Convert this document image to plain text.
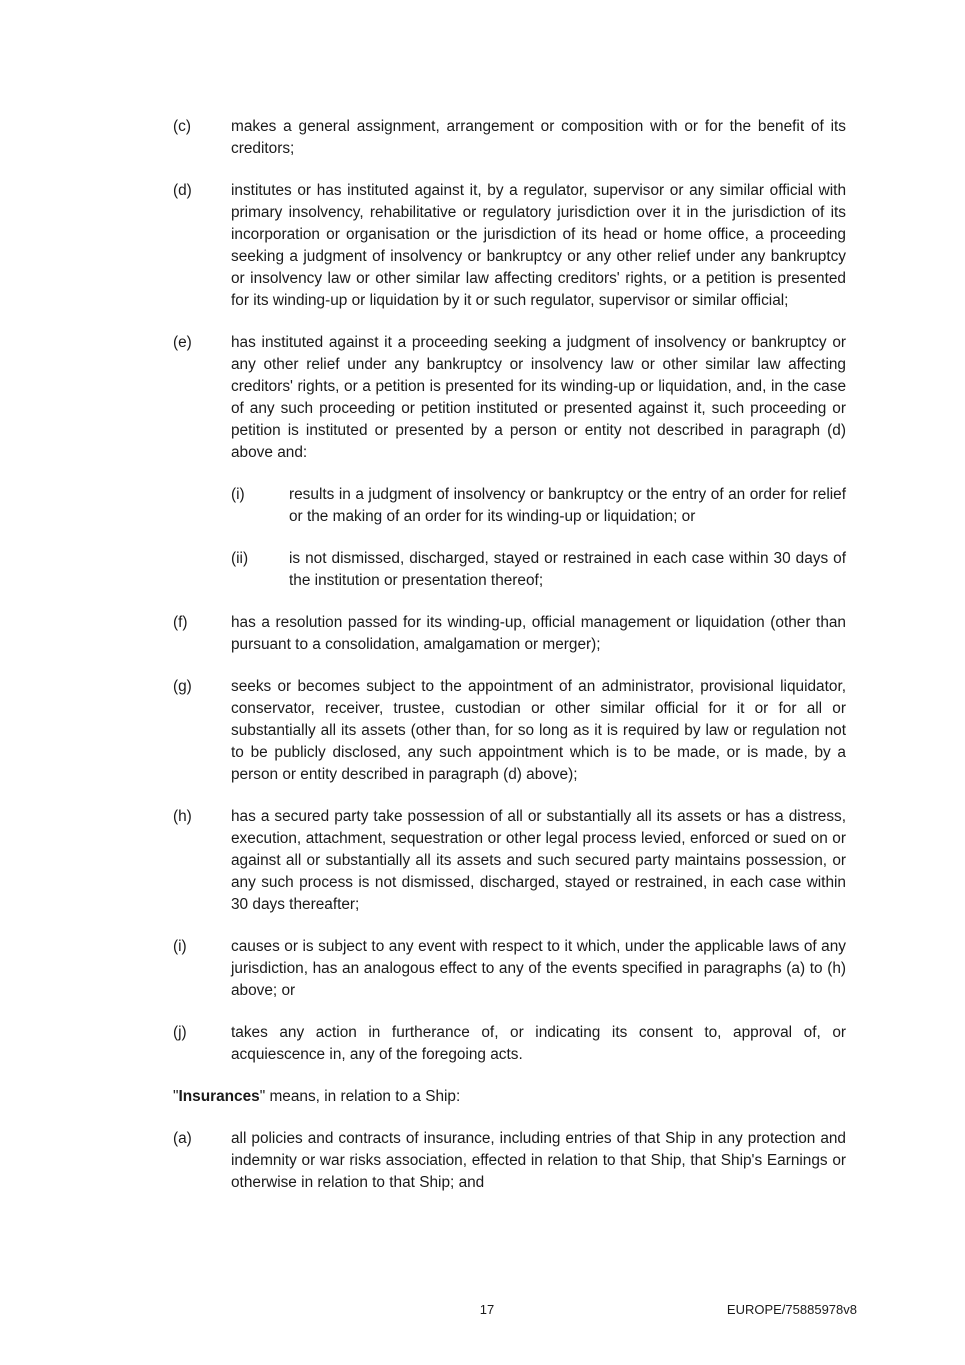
(c)	makes a general assignment, arrangement or composition with or for the benefit of its creditors;
(d)	institutes or has instituted against it, by a regulator, supervisor or any similar official with primary insolvency, rehabilitative or regulatory jurisdiction over it in the jurisdiction of its incorporation or organisation or the jurisdiction of its head or home office, a proceeding seeking a judgment of insolvency or bankruptcy or any other relief under any bankruptcy or insolvency law or other similar law affecting creditors' rights, or a petition is presented for its winding-up or liquidation by it or such regulator, supervisor or similar official;
(e)	has instituted against it a proceeding seeking a judgment of insolvency or bankruptcy or any other relief under any bankruptcy or insolvency law or other similar law affecting creditors' rights, or a petition is presented for its winding-up or liquidation, and, in the case of any such proceeding or petition instituted or presented against it, such proceeding or petition is instituted or presented by a person or entity not described in paragraph (d) above and:
(i)	results in a judgment of insolvency or bankruptcy or the entry of an order for relief or the making of an order for its winding-up or liquidation; or
(ii)	is not dismissed, discharged, stayed or restrained in each case within 30 days of the institution or presentation thereof;
(f)	has a resolution passed for its winding-up, official management or liquidation (other than pursuant to a consolidation, amalgamation or merger);
(g)	seeks or becomes subject to the appointment of an administrator, provisional liquidator, conservator, receiver, trustee, custodian or other similar official for it or for all or substantially all its assets (other than, for so long as it is required by law or regulation not to be publicly disclosed, any such appointment which is to be made, or is made, by a person or entity described in paragraph (d) above);
(h)	has a secured party take possession of all or substantially all its assets or has a distress, execution, attachment, sequestration or other legal process levied, enforced or sued on or against all or substantially all its assets and such secured party maintains possession, or any such process is not dismissed, discharged, stayed or restrained, in each case within 30 days thereafter;
(i)	causes or is subject to any event with respect to it which, under the applicable laws of any jurisdiction, has an analogous effect to any of the events specified in paragraphs (a) to (h) above; or
(j)	takes any action in furtherance of, or indicating its consent to, approval of, or acquiescence in, any of the foregoing acts.
"Insurances" means, in relation to a Ship:
(a)	all policies and contracts of insurance, including entries of that Ship in any protection and indemnity or war risks association, effected in relation to that Ship, that Ship's Earnings or otherwise in relation to that Ship; and
17	EUROPE/75885978v8
